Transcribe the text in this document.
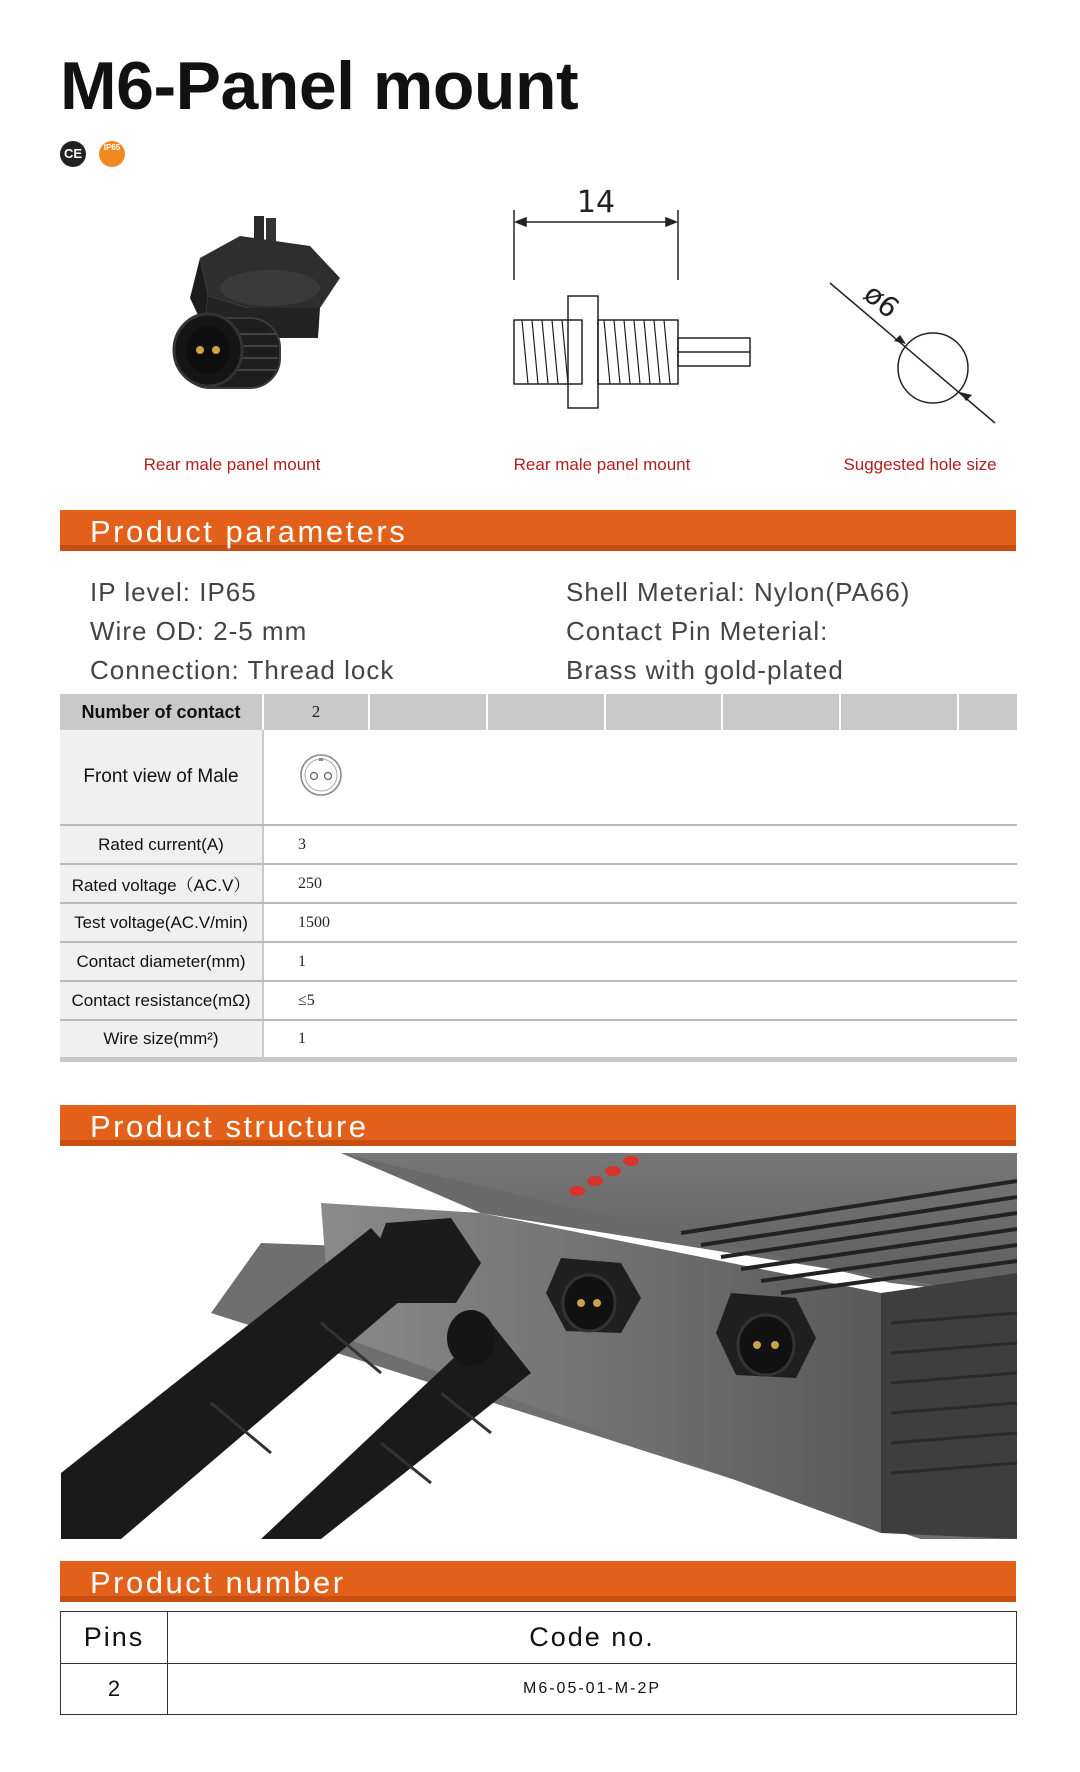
M6-Panel mount
CE	IP65
Rear male panel mount
14
Rear male panel mount
ø6
Suggested hole size
Product parameters
IP level: IP65
Wire OD: 2-5 mm
Connection: Thread lock
Shell Meterial: Nylon(PA66)
Contact Pin Meterial:
Brass with gold-plated
Number of contact	2						
Front view of Male	
Rated current(A)	3						
Rated voltage（AC.V）	250						
Test voltage(AC.V/min)	1500						
Contact diameter(mm)	1						
Contact resistance(mΩ)	≤5						
Wire size(mm²)	1						
Product structure
Product number
Pins	Code no.
2	M6-05-01-M-2P
